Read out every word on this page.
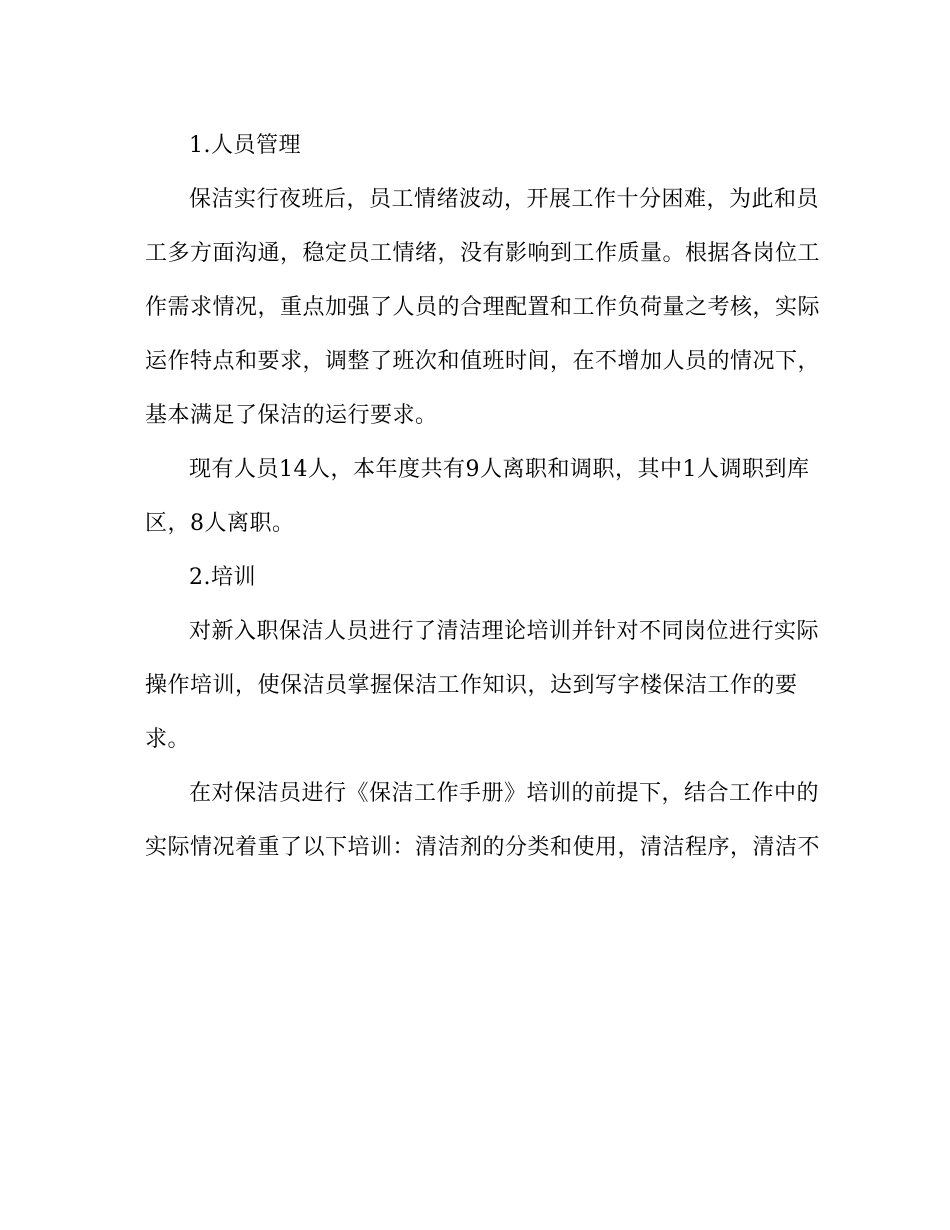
1.人员管理
保洁实行夜班后，员工情绪波动，开展工作十分困难，为此和员
工多方面沟通，稳定员工情绪，没有影响到工作质量。根据各岗位工
作需求情况，重点加强了人员的合理配置和工作负荷量之考核，实际
运作特点和要求，调整了班次和值班时间，在不增加人员的情况下，
基本满足了保洁的运行要求。
现有人员14人，本年度共有9人离职和调职，其中1人调职到库
区，8人离职。
2.培训
对新入职保洁人员进行了清洁理论培训并针对不同岗位进行实际
操作培训，使保洁员掌握保洁工作知识，达到写字楼保洁工作的要
求。
在对保洁员进行《保洁工作手册》培训的前提下，结合工作中的
实际情况着重了以下培训：清洁剂的分类和使用，清洁程序，清洁不
